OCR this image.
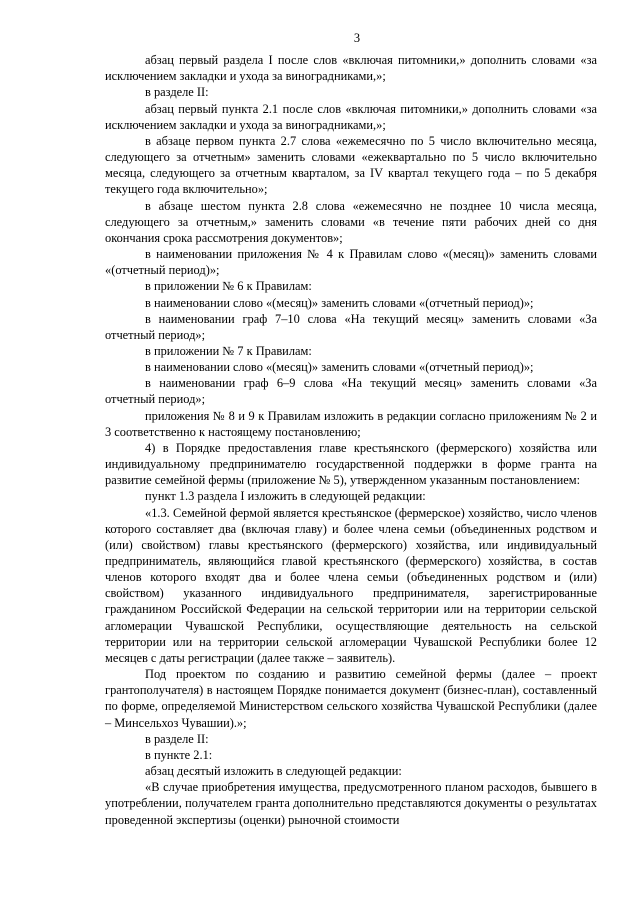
3

абзац первый раздела I после слов «включая питомники,» дополнить словами «за исключением закладки и ухода за виноградниками,»;

в разделе II:

абзац первый пункта 2.1 после слов «включая питомники,» дополнить словами «за исключением закладки и ухода за виноградниками,»;

в абзаце первом пункта 2.7 слова «ежемесячно по 5 число включительно месяца, следующего за отчетным» заменить словами «ежеквартально по 5 число включительно месяца, следующего за отчетным кварталом, за IV квартал текущего года – по 5 декабря текущего года включительно»;

в абзаце шестом пункта 2.8 слова «ежемесячно не позднее 10 числа месяца, следующего за отчетным,» заменить словами «в течение пяти рабочих дней со дня окончания срока рассмотрения документов»;

в наименовании приложения № 4 к Правилам слово «(месяц)» заменить словами «(отчетный период)»;

в приложении № 6 к Правилам:

в наименовании слово «(месяц)» заменить словами «(отчетный период)»;

в наименовании граф 7–10 слова «На текущий месяц» заменить словами «За отчетный период»;

в приложении № 7 к Правилам:

в наименовании слово «(месяц)» заменить словами «(отчетный период)»;

в наименовании граф 6–9 слова «На текущий месяц» заменить словами «За отчетный период»;

приложения № 8 и 9 к Правилам изложить в редакции согласно приложениям № 2 и 3 соответственно к настоящему постановлению;

4) в Порядке предоставления главе крестьянского (фермерского) хозяйства или индивидуальному предпринимателю государственной поддержки в форме гранта на развитие семейной фермы (приложение № 5), утвержденном указанным постановлением:

пункт 1.3 раздела I изложить в следующей редакции:

«1.3. Семейной фермой является крестьянское (фермерское) хозяйство, число членов которого составляет два (включая главу) и более члена семьи (объединенных родством и (или) свойством) главы крестьянского (фермерского) хозяйства, или индивидуальный предприниматель, являющийся главой крестьянского (фермерского) хозяйства, в состав членов которого входят два и более члена семьи (объединенных родством и (или) свойством) указанного индивидуального предпринимателя, зарегистрированные гражданином Российской Федерации на сельской территории или на территории сельской агломерации Чувашской Республики, осуществляющие деятельность на сельской территории или на территории сельской агломерации Чувашской Республики более 12 месяцев с даты регистрации (далее также – заявитель).

Под проектом по созданию и развитию семейной фермы (далее – проект грантополучателя) в настоящем Порядке понимается документ (бизнес-план), составленный по форме, определяемой Министерством сельского хозяйства Чувашской Республики (далее – Минсельхоз Чувашии).»;

в разделе II:

в пункте 2.1:

абзац десятый изложить в следующей редакции:

«В случае приобретения имущества, предусмотренного планом расходов, бывшего в употреблении, получателем гранта дополнительно представляются документы о результатах проведенной экспертизы (оценки) рыночной стоимости
